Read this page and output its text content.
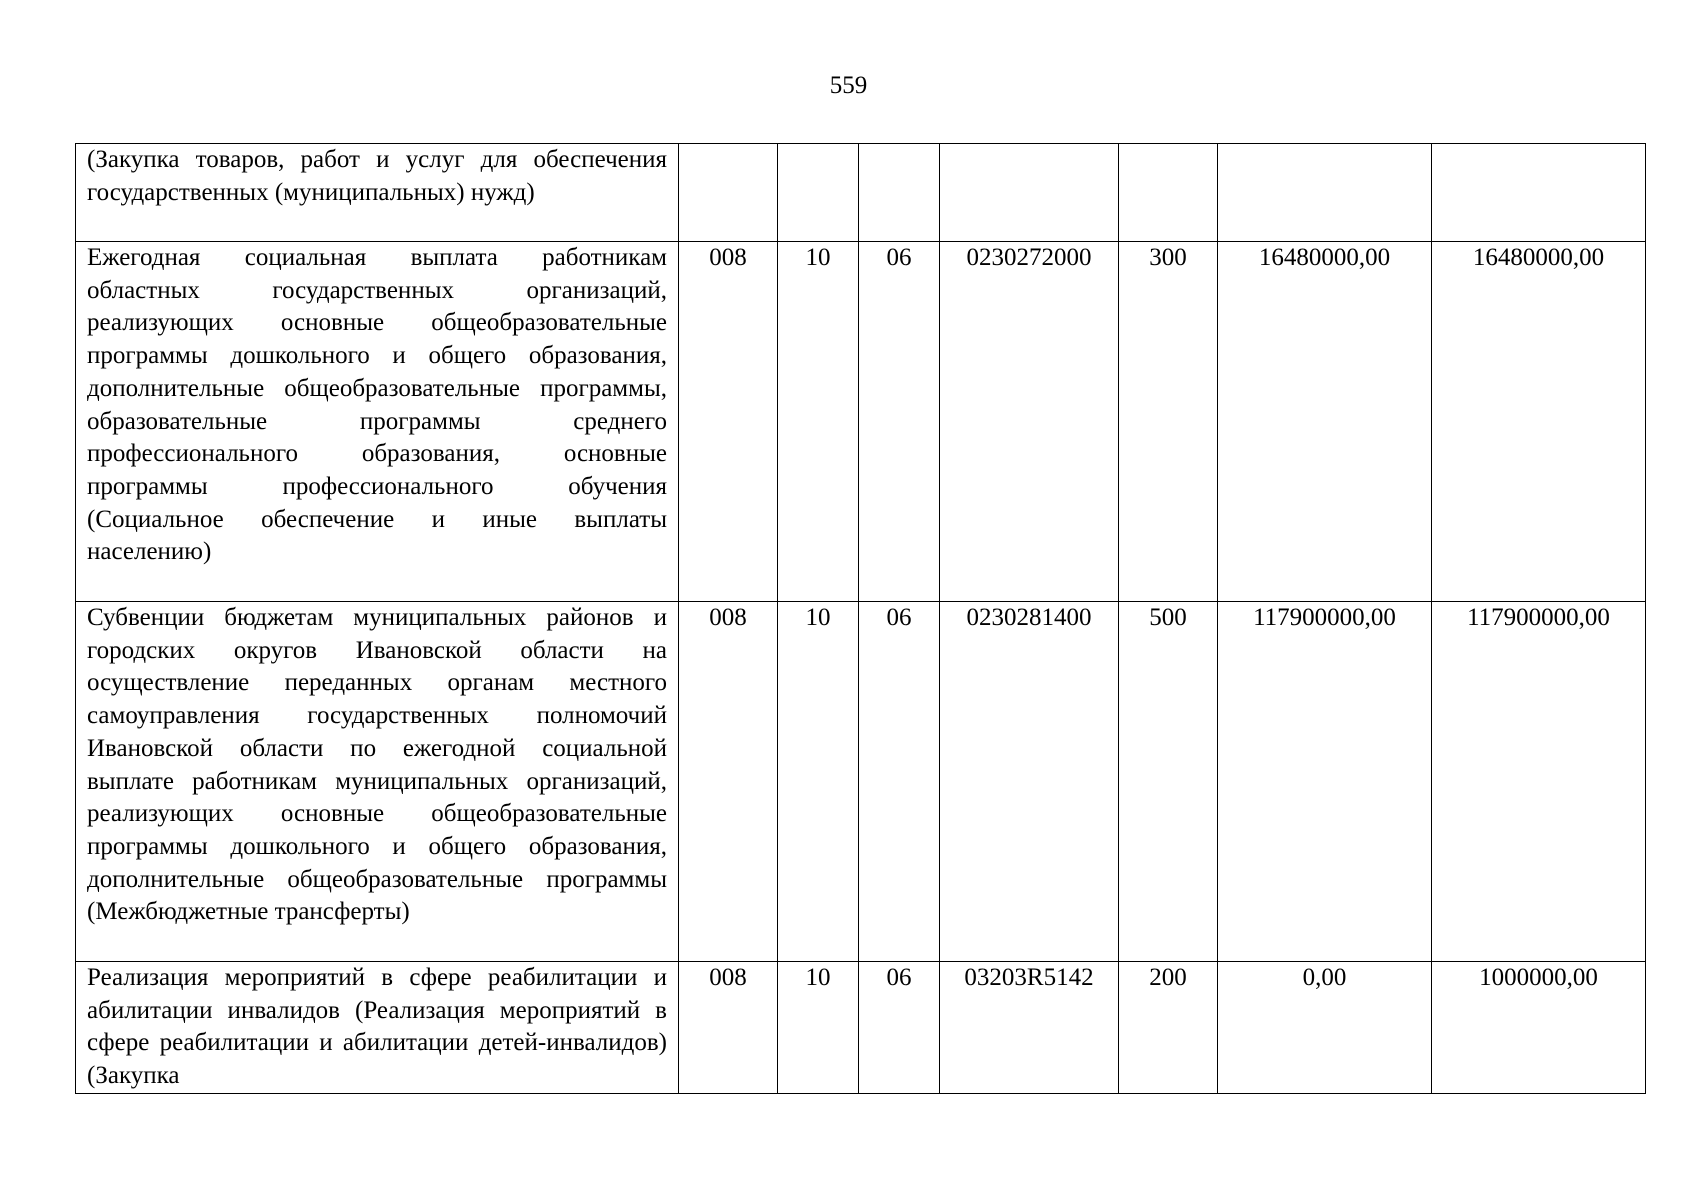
559
(Закупка товаров, работ и услуг для обеспечения государственных (муниципальных) нужд)							
Ежегодная социальная выплата работникам областных государственных организаций, реализующих основные общеобразовательные программы дошкольного и общего образования, дополнительные общеобразовательные программы, образовательные программы среднего профессионального образования, основные программы профессионального обучения (Социальное обеспечение и иные выплаты населению)	008	10	06	0230272000	300	16480000,00	16480000,00
Субвенции бюджетам муниципальных районов и городских округов Ивановской области на осуществление переданных органам местного самоуправления государственных полномочий Ивановской области по ежегодной социальной выплате работникам муниципальных организаций, реализующих основные общеобразовательные программы дошкольного и общего образования, дополнительные общеобразовательные программы (Межбюджетные трансферты)	008	10	06	0230281400	500	117900000,00	117900000,00
Реализация мероприятий в сфере реабилитации и абилитации инвалидов (Реализация мероприятий в сфере реабилитации и абилитации детей-инвалидов) (Закупка	008	10	06	03203R5142	200	0,00	1000000,00
